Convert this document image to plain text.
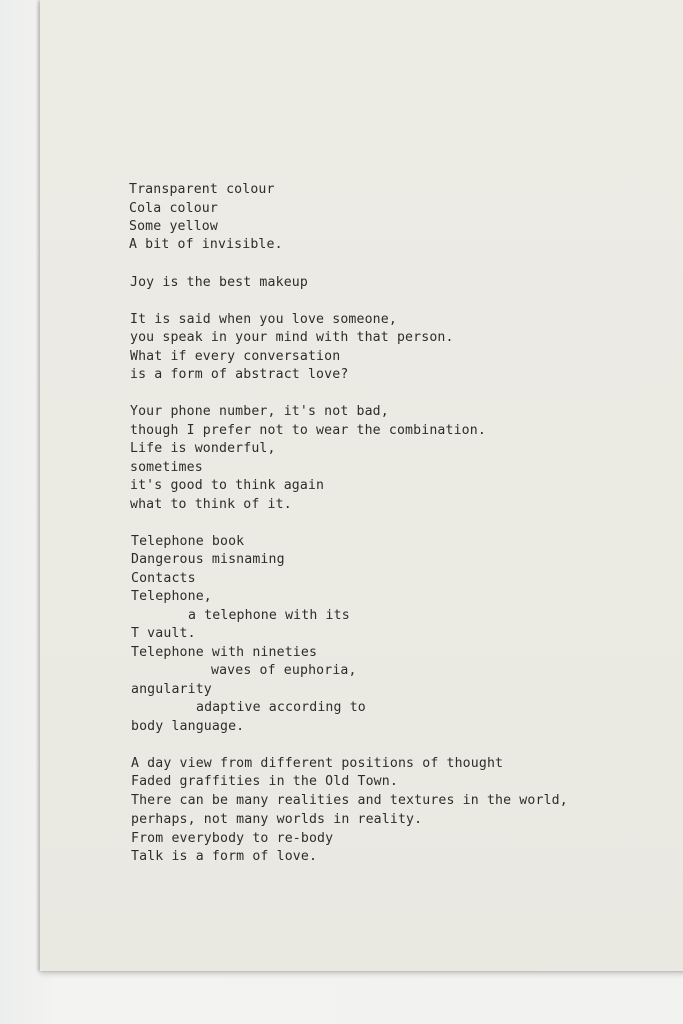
Transparent colour
Cola colour
Some yellow
A bit of invisible.
Joy is the best makeup
It is said when you love someone,
you speak in your mind with that person.
What if every conversation
is a form of abstract love?
Your phone number, it's not bad,
though I prefer not to wear the combination.
Life is wonderful,
sometimes
it's good to think again
what to think of it.
Telephone book
Dangerous misnaming
Contacts
Telephone,
a telephone with its
T vault.
Telephone with nineties
waves of euphoria,
angularity
adaptive according to
body language.
A day view from different positions of thought
Faded graffities in the Old Town.
There can be many realities and textures in the world,
perhaps, not many worlds in reality.
From everybody to re-body
Talk is a form of love.
